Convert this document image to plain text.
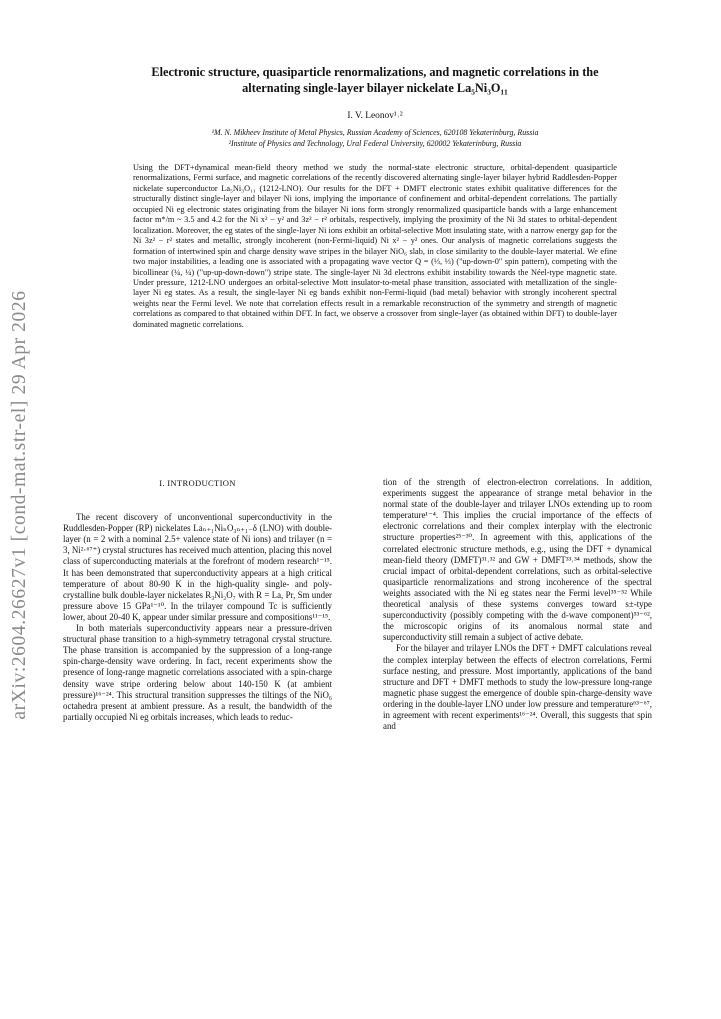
arXiv:2604.26627v1 [cond-mat.str-el] 29 Apr 2026
Electronic structure, quasiparticle renormalizations, and magnetic correlations in the
alternating single-layer bilayer nickelate La₅Ni₃O₁₁
I. V. Leonov¹˒²
¹M. N. Mikheev Institute of Metal Physics, Russian Academy of Sciences, 620108 Yekaterinburg, Russia
²Institute of Physics and Technology, Ural Federal University, 620002 Yekaterinburg, Russia
Using the DFT+dynamical mean-field theory method we study the normal-state electronic structure, orbital-dependent quasiparticle renormalizations, Fermi surface, and magnetic correlations of the recently discovered alternating single-layer bilayer hybrid Raddlesden-Popper nickelate superconductor La₅Ni₃O₁₁ (1212-LNO). Our results for the DFT + DMFT electronic states exhibit qualitative differences for the structurally distinct single-layer and bilayer Ni ions, implying the importance of confinement and orbital-dependent correlations. The partially occupied Ni eg electronic states originating from the bilayer Ni ions form strongly renormalized quasiparticle bands with a large enhancement factor m*/m ~ 3.5 and 4.2 for the Ni x² − y² and 3z² − r² orbitals, respectively, implying the proximity of the Ni 3d states to orbital-dependent localization. Moreover, the eg states of the single-layer Ni ions exhibit an orbital-selective Mott insulating state, with a narrow energy gap for the Ni 3z² − r² states and metallic, strongly incoherent (non-Fermi-liquid) Ni x² − y² ones. Our analysis of magnetic correlations suggests the formation of intertwined spin and charge density wave stripes in the bilayer NiO₆ slab, in close similarity to the double-layer material. We efine two major instabilities, a leading one is associated with a propagating wave vector Q = (⅓, ⅓) ("up-down-0" spin pattern), competing with the bicollinear (¼, ¼) ("up-up-down-down") stripe state. The single-layer Ni 3d electrons exhibit instability towards the Néel-type magnetic state. Under pressure, 1212-LNO undergoes an orbital-selective Mott insulator-to-metal phase transition, associated with metallization of the single-layer Ni eg states. As a result, the single-layer Ni eg bands exhibit non-Fermi-liquid (bad metal) behavior with strongly incoherent spectral weights near the Fermi level. We note that correlation effects result in a remarkable reconstruction of the symmetry and strength of magnetic correlations as compared to that obtained within DFT. In fact, we observe a crossover from single-layer (as obtained within DFT) to double-layer dominated magnetic correlations.
I. INTRODUCTION

The recent discovery of unconventional superconductivity in the Ruddlesden-Popper (RP) nickelates Laₙ₊₁NiₙO₃ₙ₊₁₋δ (LNO) with double-layer (n = 2 with a nominal 2.5+ valence state of Ni ions) and trilayer (n = 3, Ni²·⁶⁷⁺) crystal structures has received much attention, placing this novel class of superconducting materials at the forefront of modern research¹⁻¹⁵. It has been demonstrated that superconductivity appears at a high critical temperature of about 80-90 K in the high-quality single- and poly-crystalline bulk double-layer nickelates R₃Ni₂O₇ with R = La, Pr, Sm under pressure above 15 GPa¹⁻¹⁰. In the trilayer compound Tc is sufficiently lower, about 20-40 K, appear under similar pressure and compositions¹¹⁻¹⁵.

In both materials superconductivity appears near a pressure-driven structural phase transition to a high-symmetry tetragonal crystal structure. The phase transition is accompanied by the suppression of a long-range spin-charge-density wave ordering. In fact, recent experiments show the presence of long-range magnetic correlations associated with a spin-charge density wave stripe ordering below about 140-150 K (at ambient pressure)¹⁶⁻²⁴. This structural transition suppresses the tiltings of the NiO₆ octahedra present at ambient pressure. As a result, the bandwidth of the partially occupied Ni eg orbitals increases, which leads to reduc-

tion of the strength of electron-electron correlations. In addition, experiments suggest the appearance of strange metal behavior in the normal state of the double-layer and trilayer LNOs extending up to room temperature¹⁻⁴. This implies the crucial importance of the effects of electronic correlations and their complex interplay with the electronic structure properties²⁵⁻³⁰. In agreement with this, applications of the correlated electronic structure methods, e.g., using the DFT + dynamical mean-field theory (DMFT)³¹˒³² and GW + DMFT³³˒³⁴ methods, show the crucial impact of orbital-dependent correlations, such as orbital-selective quasiparticle renormalizations and strong incoherence of the spectral weights associated with the Ni eg states near the Fermi level³⁵⁻⁵² While theoretical analysis of these systems converges toward s±-type superconductivity (possibly competing with the d-wave component)⁵³⁻⁶², the microscopic origins of its anomalous normal state and superconductivity still remain a subject of active debate.

For the bilayer and trilayer LNOs the DFT + DMFT calculations reveal the complex interplay between the effects of electron correlations, Fermi surface nesting, and pressure. Most importantly, applications of the band structure and DFT + DMFT methods to study the low-pressure long-range magnetic phase suggest the emergence of double spin-charge-density wave ordering in the double-layer LNO under low pressure and temperature⁶³⁻⁶⁷, in agreement with recent experiments¹⁶⁻²⁴. Overall, this suggests that spin and
